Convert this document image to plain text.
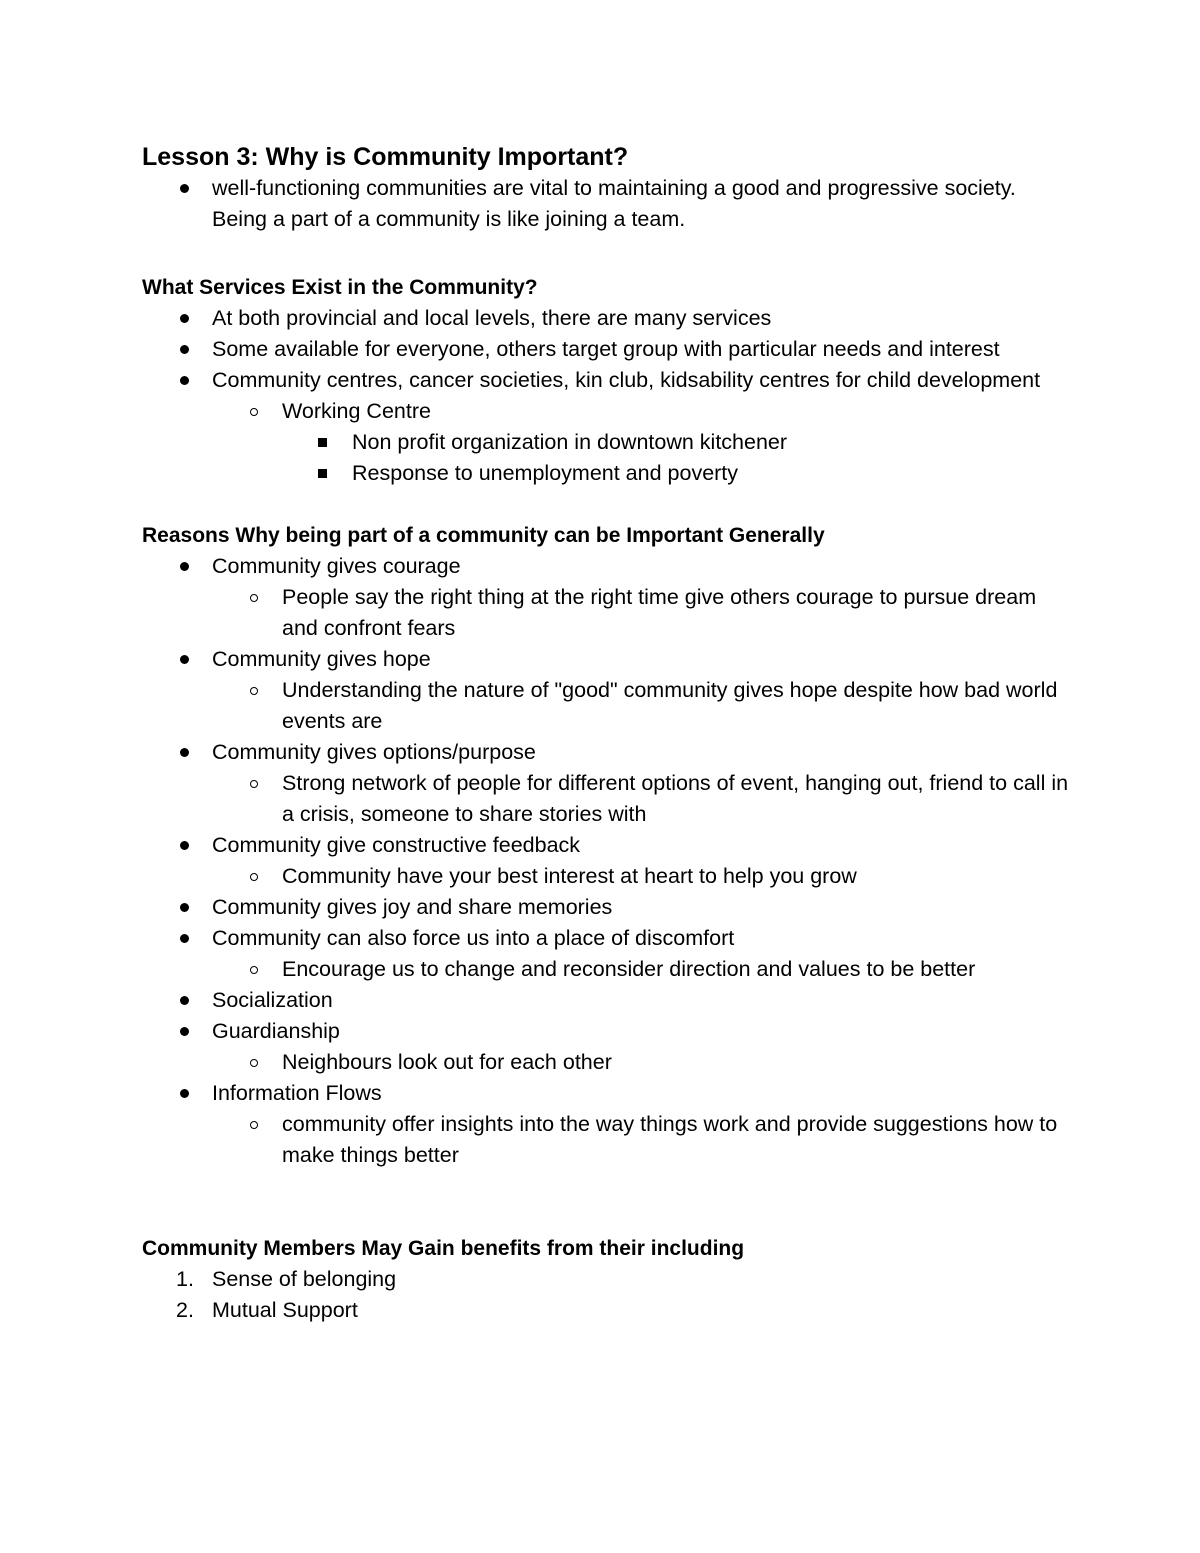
Lesson 3: Why is Community Important?
well-functioning communities are vital to maintaining a good and progressive society. Being a part of a community is like joining a team.
What Services Exist in the Community?
At both provincial and local levels, there are many services
Some available for everyone, others target group with particular needs and interest
Community centres, cancer societies, kin club, kidsability centres for child development
Working Centre
Non profit organization in downtown kitchener
Response to unemployment and poverty
Reasons Why being part of a community can be Important Generally
Community gives courage
People say the right thing at the right time give others courage to pursue dream and confront fears
Community gives hope
Understanding the nature of "good" community gives hope despite how bad world events are
Community gives options/purpose
Strong network of people for different options of event, hanging out, friend to call in a crisis, someone to share stories with
Community give constructive feedback
Community have your best interest at heart to help you grow
Community gives joy and share memories
Community can also force us into a place of discomfort
Encourage us to change and reconsider direction and values to be better
Socialization
Guardianship
Neighbours look out for each other
Information Flows
community offer insights into the way things work and provide suggestions how to make things better
Community Members May Gain benefits from their including
1. Sense of belonging
2. Mutual Support
